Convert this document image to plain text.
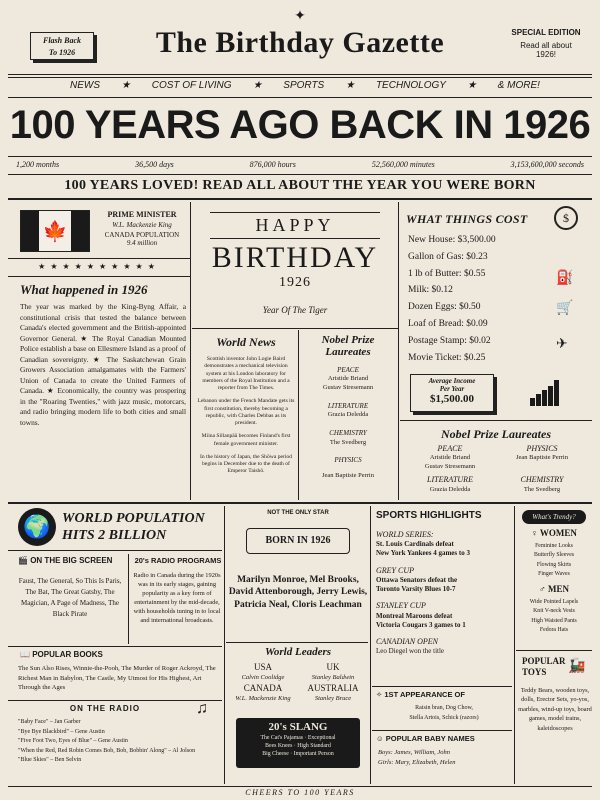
Flash Back
To 1926
✦
The Birthday Gazette	SPECIAL EDITION
Read all about
1926!
NEWS ★ COST OF LIVING ★ SPORTS ★ TECHNOLOGY ★ & MORE!
100 YEARS AGO BACK IN 1926
1,200 months	36,500 days	876,000 hours	52,560,000 minutes	3,153,600,000 seconds
100 YEARS LOVED! READ ALL ABOUT THE YEAR YOU WERE BORN
🍁
PRIME MINISTER
W.L. Mackenzie King
CANADA POPULATION
9.4 million
★★★★★★★★★★
What happened in 1926
The year was marked by the King-Byng Affair, a constitutional crisis that tested the balance between Canada's elected government and the British-appointed Governor General. ★ The Royal Canadian Mounted Police establish a base on Ellesmere Island as a proof of Canadian sovereignty. ★ The Saskatchewan Grain Growers Association amalgamates with the Farmers' Union of Canada to create the United Farmers of Canada. ★ Economically, the country was prospering in the "Roaring Twenties," with jazz music, motorcars, and radio bringing modern life to both cities and small towns.
HAPPY
BIRTHDAY
1926
Year Of The Tiger
World News

Scottish inventor John Logie Baird demonstrates a mechanical television system at his London laboratory for members of the Royal Institution and a reporter from The Times.

Lebanon under the French Mandate gets its first constitution, thereby becoming a republic, with Charles Debbas as its president.

Miina Sillanpää becomes Finland's first female government minister.

In the history of Japan, the Shōwa period begins in December due to the death of Emperor Taishō.

Nobel Prize
Laureates
PEACE
Aristide Briand
Gustav Stresemann
LITERATURE
Grazia Deledda
CHEMISTRY
The Svedberg
PHYSICS
Jean Baptiste Perrin
WHAT THINGS COST	$
New House: $3,500.00
Gallon of Gas: $0.23
1 lb of Butter: $0.55
Milk: $0.12
Dozen Eggs: $0.50
Loaf of Bread: $0.09
Postage Stamp: $0.02
Movie Ticket: $0.25
⛽
🛒
✈
Average Income
Per Year
$1,500.00
Nobel Prize Laureates
PEACE
Aristide Briand
Gustav Stresemann
PHYSICS
Jean Baptiste Perrin
LITERATURE
Grazia Deledda
CHEMISTRY
The Svedberg
🌍 WORLD POPULATION
HITS 2 BILLION
🎬 ON THE BIG SCREEN
Faust, The General, So This Is Paris, The Bat, The Great Gatsby, The Magician, A Page of Madness, The Black Pirate
20's RADIO PROGRAMS
Radio in Canada during the 1920s was in its early stages, gaining popularity as a key form of entertainment by the mid-decade, with households tuning in to local and international broadcasts.
📖 POPULAR BOOKS
The Sun Also Rises, Winnie-the-Pooh, The Murder of Roger Ackroyd, The Richest Man in Babylon, The Castle, My Utmost for His Highest, Art Through the Ages
ON THE RADIO	♫
"Baby Face" – Jan Garber
"Bye Bye Blackbird" – Gene Austin
"Five Foot Two, Eyes of Blue" – Gene Austin
"When the Red, Red Robin Comes Bob, Bob, Bobbin' Along" – Al Jolson
"Blue Skies" – Ben Selvin
NOT THE ONLY STAR
BORN IN 1926
Marilyn Monroe, Mel Brooks, David Attenborough, Jerry Lewis, Patricia Neal, Cloris Leachman
World Leaders
USA
Calvin Coolidge
UK
Stanley Baldwin
CANADA
W.L. Mackenzie King
AUSTRALIA
Stanley Bruce
20's SLANG
The Cat's Pajamas · Exceptional
Bees Knees · High Standard
Big Cheese · Important Person
SPORTS HIGHLIGHTS
WORLD SERIES:
St. Louis Cardinals defeat
New York Yankees 4 games to 3
GREY CUP
Ottawa Senators defeat the
Toronto Varsity Blues 10-7
STANLEY CUP
Montreal Maroons defeat
Victoria Cougars 3 games to 1
CANADIAN OPEN
Leo Diegel won the title
✧ 1ST APPEARANCE OF
Raisin bran, Dog Chow,
Stella Artois, Schick (razors)
☺ POPULAR BABY NAMES
Boys: James, William, John
Girls: Mary, Elizabeth, Helen
What's Trendy?
♀ WOMEN
Feminine Looks
Butterfly Sleeves
Flowing Skirts
Finger Waves
♂ MEN
Wide Pointed Lapels
Knit V-neck Vests
High Waisted Pants
Fedora Hats
POPULAR
TOYS	🚂
Teddy Bears, wooden toys, dolls, Erector Sets, yo-yos, marbles, wind-up toys, board games, model trains, kaleidoscopes
CHEERS TO 100 YEARS
